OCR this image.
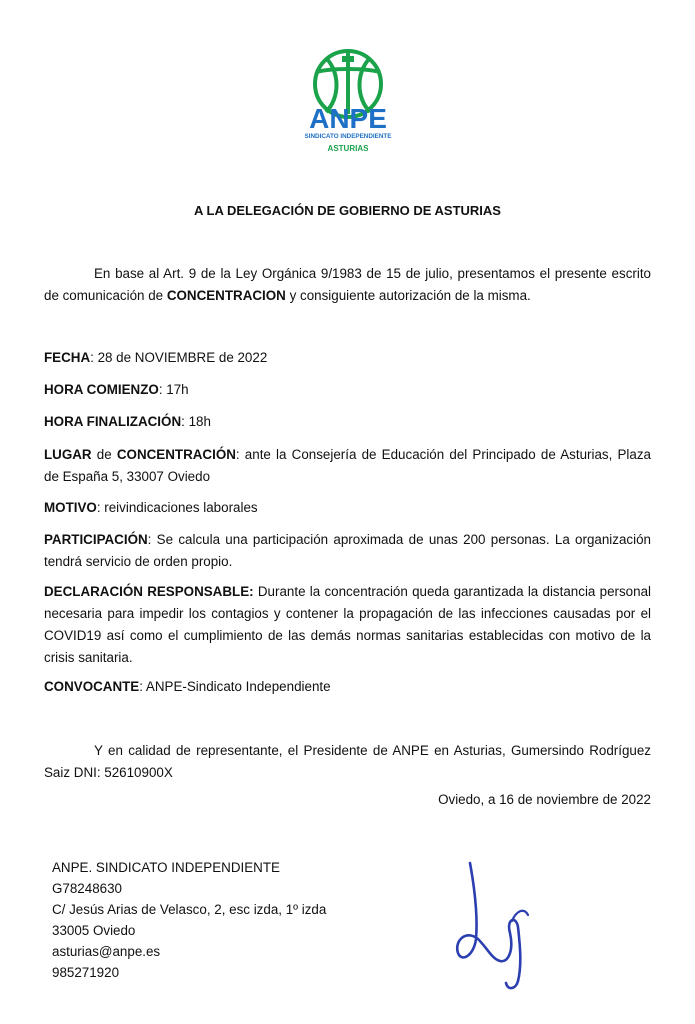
ANPE
SINDICATO INDEPENDIENTE
ASTURIAS
A LA DELEGACIÓN DE GOBIERNO DE ASTURIAS
En base al Art. 9 de la Ley Orgánica 9/1983 de 15 de julio, presentamos el presente escrito de comunicación de CONCENTRACION y consiguiente autorización de la misma.
FECHA: 28 de NOVIEMBRE de 2022
HORA COMIENZO: 17h
HORA FINALIZACIÓN: 18h
LUGAR de CONCENTRACIÓN: ante la Consejería de Educación del Principado de Asturias, Plaza de España 5, 33007 Oviedo
MOTIVO: reivindicaciones laborales
PARTICIPACIÓN: Se calcula una participación aproximada de unas 200 personas. La organización tendrá servicio de orden propio.
DECLARACIÓN RESPONSABLE: Durante la concentración queda garantizada la distancia personal necesaria para impedir los contagios y contener la propagación de las infecciones causadas por el COVID19 así como el cumplimiento de las demás normas sanitarias establecidas con motivo de la crisis sanitaria.
CONVOCANTE: ANPE-Sindicato Independiente
Y en calidad de representante, el Presidente de ANPE en Asturias, Gumersindo Rodríguez Saiz DNI: 52610900X
Oviedo, a 16 de noviembre de 2022
ANPE. SINDICATO INDEPENDIENTE
G78248630
C/ Jesús Arias de Velasco, 2, esc izda, 1º izda
33005 Oviedo
asturias@anpe.es
985271920
